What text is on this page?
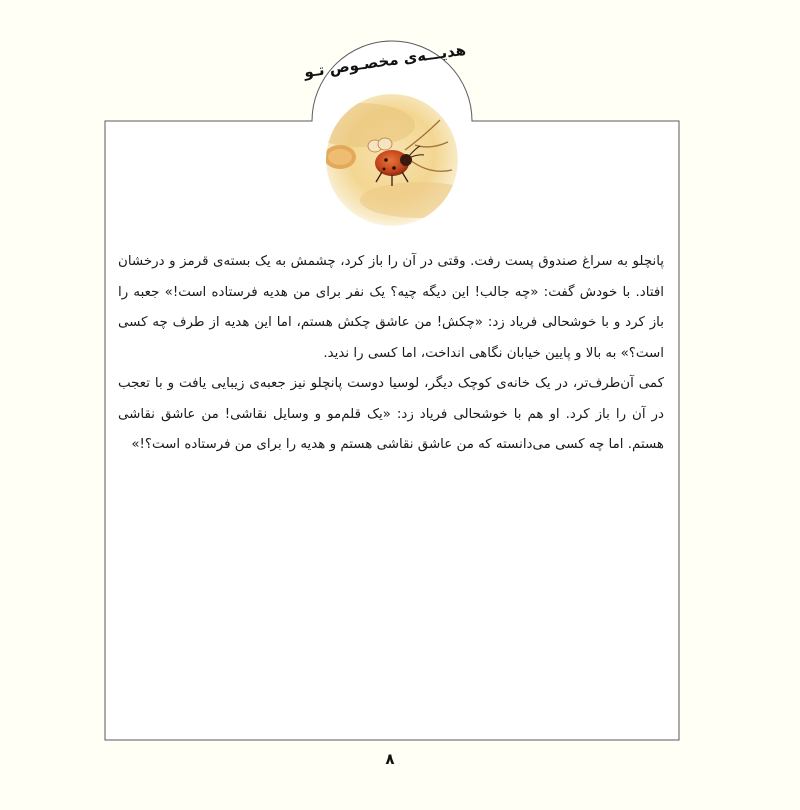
هدیـــه‌ی مخصـوص تـو

پانچلو به سراغ صندوق پست رفت. وقتی در آن را باز کرد، چشمش به یک بسته‌ی قرمز و درخشان افتاد. با خودش گفت: «چه جالب! این دیگه چیه؟ یک نفر برای من هدیه فرستاده است!» جعبه را باز کرد و با خوشحالی فریاد زد: «چکش! من عاشق چکش هستم، اما این هدیه از طرف چه کسی است؟» به بالا و پایین خیابان نگاهی انداخت، اما کسی را ندید.

کمی آن‌طرف‌تر، در یک خانه‌ی کوچک دیگر، لوسیا دوست پانچلو نیز جعبه‌ی زیبایی یافت و با تعجب در آن را باز کرد. او هم با خوشحالی فریاد زد: «یک قلم‌مو و وسایل نقاشی! من عاشق نقاشی هستم. اما چه کسی می‌دانسته که من عاشق نقاشی هستم و هدیه را برای من فرستاده است؟!»

۸
